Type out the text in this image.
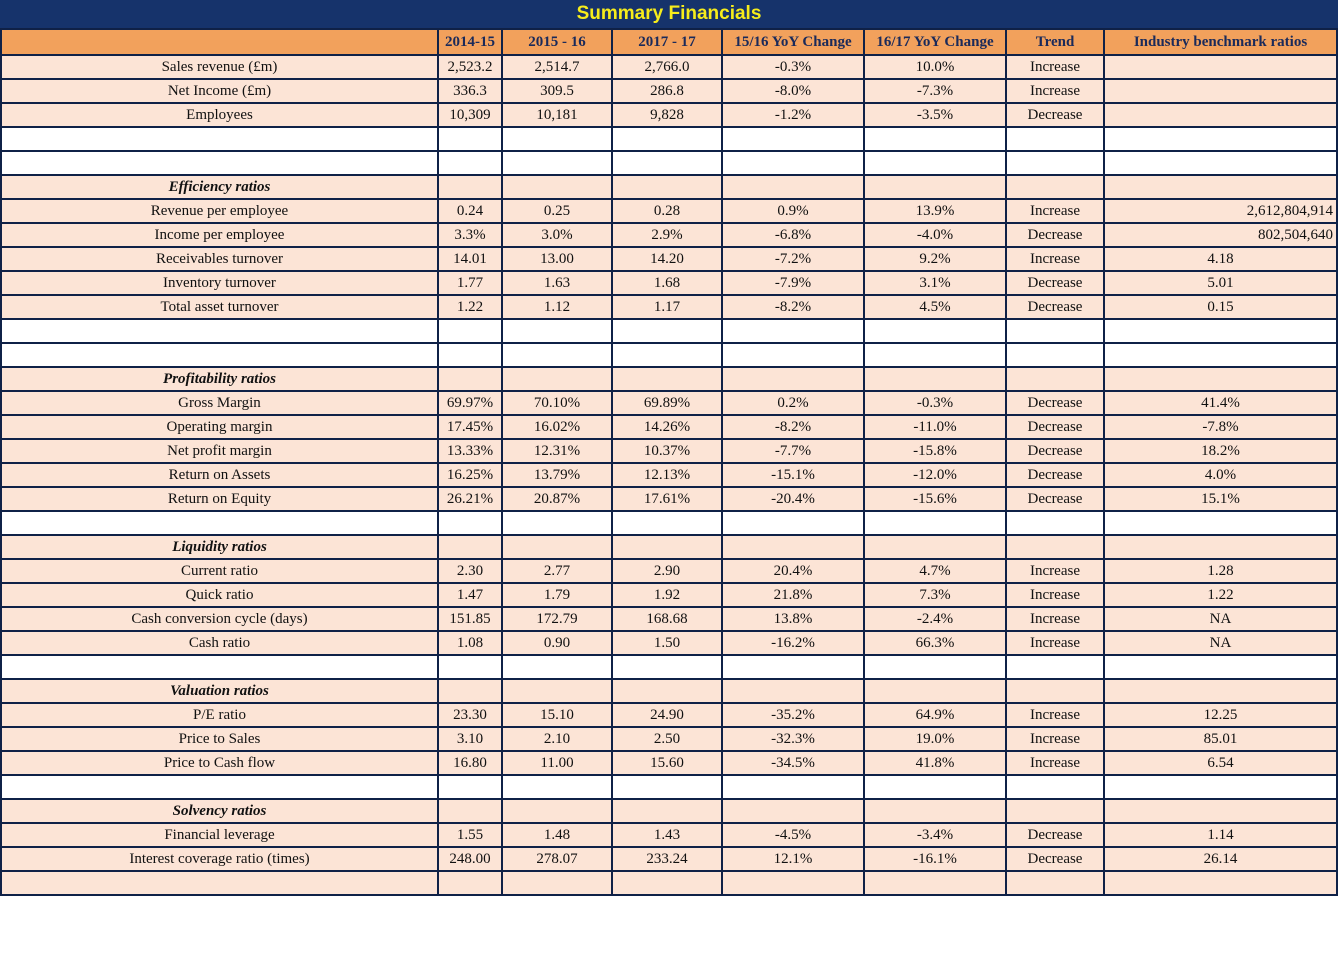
Summary Financials
	2014-15	2015 - 16	2017 - 17	15/16 YoY Change	16/17 YoY Change	Trend	Industry benchmark ratios
Sales revenue (£m)	2,523.2	2,514.7	2,766.0	-0.3%	10.0%	Increase	
Net Income (£m)	336.3	309.5	286.8	-8.0%	-7.3%	Increase	
Employees	10,309	10,181	9,828	-1.2%	-3.5%	Decrease	

Efficiency ratios							
Revenue per employee	0.24	0.25	0.28	0.9%	13.9%	Increase	2,612,804,914
Income per employee	3.3%	3.0%	2.9%	-6.8%	-4.0%	Decrease	802,504,640
Receivables turnover	14.01	13.00	14.20	-7.2%	9.2%	Increase	4.18
Inventory turnover	1.77	1.63	1.68	-7.9%	3.1%	Decrease	5.01
Total asset turnover	1.22	1.12	1.17	-8.2%	4.5%	Decrease	0.15

Profitability ratios							
Gross Margin	69.97%	70.10%	69.89%	0.2%	-0.3%	Decrease	41.4%
Operating margin	17.45%	16.02%	14.26%	-8.2%	-11.0%	Decrease	-7.8%
Net profit margin	13.33%	12.31%	10.37%	-7.7%	-15.8%	Decrease	18.2%
Return on Assets	16.25%	13.79%	12.13%	-15.1%	-12.0%	Decrease	4.0%
Return on Equity	26.21%	20.87%	17.61%	-20.4%	-15.6%	Decrease	15.1%

Liquidity ratios							
Current ratio	2.30	2.77	2.90	20.4%	4.7%	Increase	1.28
Quick ratio	1.47	1.79	1.92	21.8%	7.3%	Increase	1.22
Cash conversion cycle (days)	151.85	172.79	168.68	13.8%	-2.4%	Increase	NA
Cash ratio	1.08	0.90	1.50	-16.2%	66.3%	Increase	NA

Valuation ratios							
P/E ratio	23.30	15.10	24.90	-35.2%	64.9%	Increase	12.25
Price to Sales	3.10	2.10	2.50	-32.3%	19.0%	Increase	85.01
Price to Cash flow	16.80	11.00	15.60	-34.5%	41.8%	Increase	6.54

Solvency ratios							
Financial leverage	1.55	1.48	1.43	-4.5%	-3.4%	Decrease	1.14
Interest coverage ratio (times)	248.00	278.07	233.24	12.1%	-16.1%	Decrease	26.14
